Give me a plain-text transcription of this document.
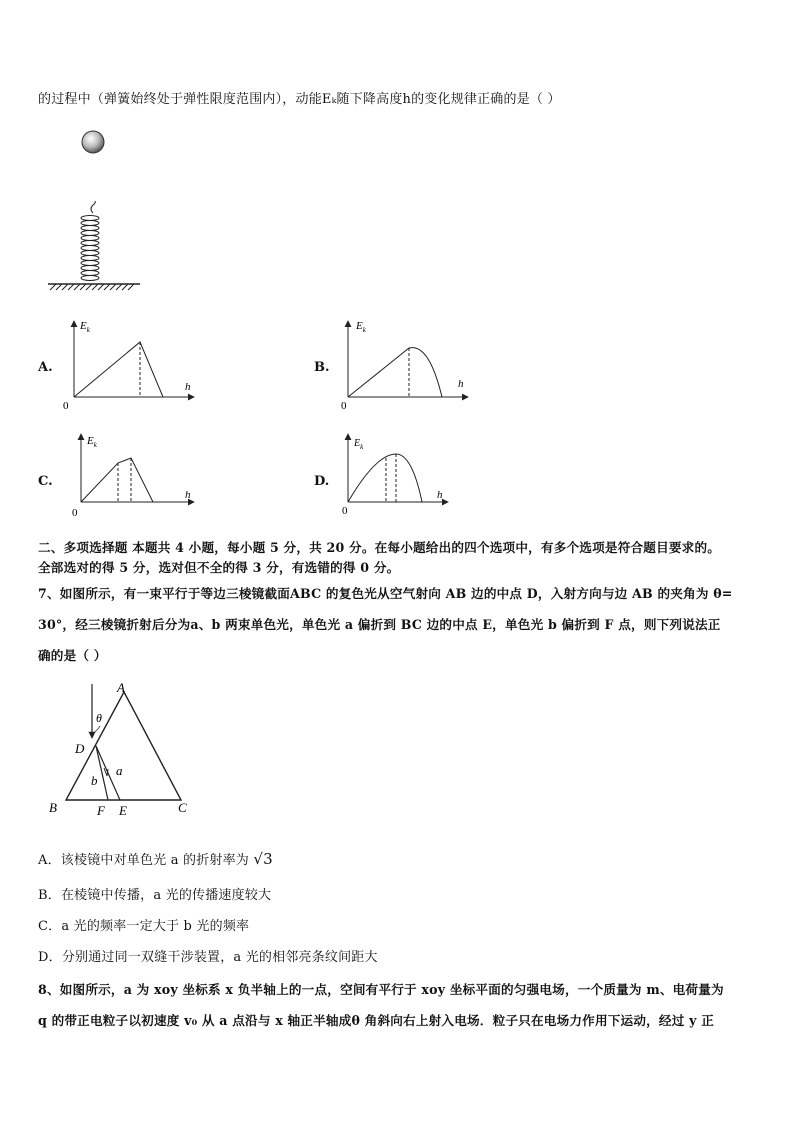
的过程中（弹簧始终处于弹性限度范围内），动能Eₖ随下降高度h的变化规律正确的是（ ）
A.
$E_k$
h
0
B.
$E_k$
h
0
C.
$E_k$
h
0
D.
$E_k$
h
0
二、多项选择题 本题共 4 小题，每小题 5 分，共 20 分。在每小题给出的四个选项中，有多个选项是符合题目要求的。
全部选对的得 5 分，选对但不全的得 3 分，有选错的得 0 分。
7、如图所示，有一束平行于等边三棱镜截面ABC 的复色光从空气射向 AB 边的中点 D，入射方向与边 AB 的夹角为 θ=
30°，经三棱镜折射后分为a、b 两束单色光，单色光 a 偏折到 BC 边的中点 E，单色光 b 偏折到 F 点，则下列说法正
确的是（ ）
A
B	C
D
E
F
a
b
θ
A．该棱镜中对单色光 a 的折射率为 √3
B．在棱镜中传播，a 光的传播速度较大
C．a 光的频率一定大于 b 光的频率
D．分别通过同一双缝干涉装置，a 光的相邻亮条纹间距大
8、如图所示，a 为 xoy 坐标系 x 负半轴上的一点，空间有平行于 xoy 坐标平面的匀强电场，一个质量为 m、电荷量为
q 的带正电粒子以初速度 v₀ 从 a 点沿与 x 轴正半轴成θ 角斜向右上射入电场．粒子只在电场力作用下运动，经过 y 正
